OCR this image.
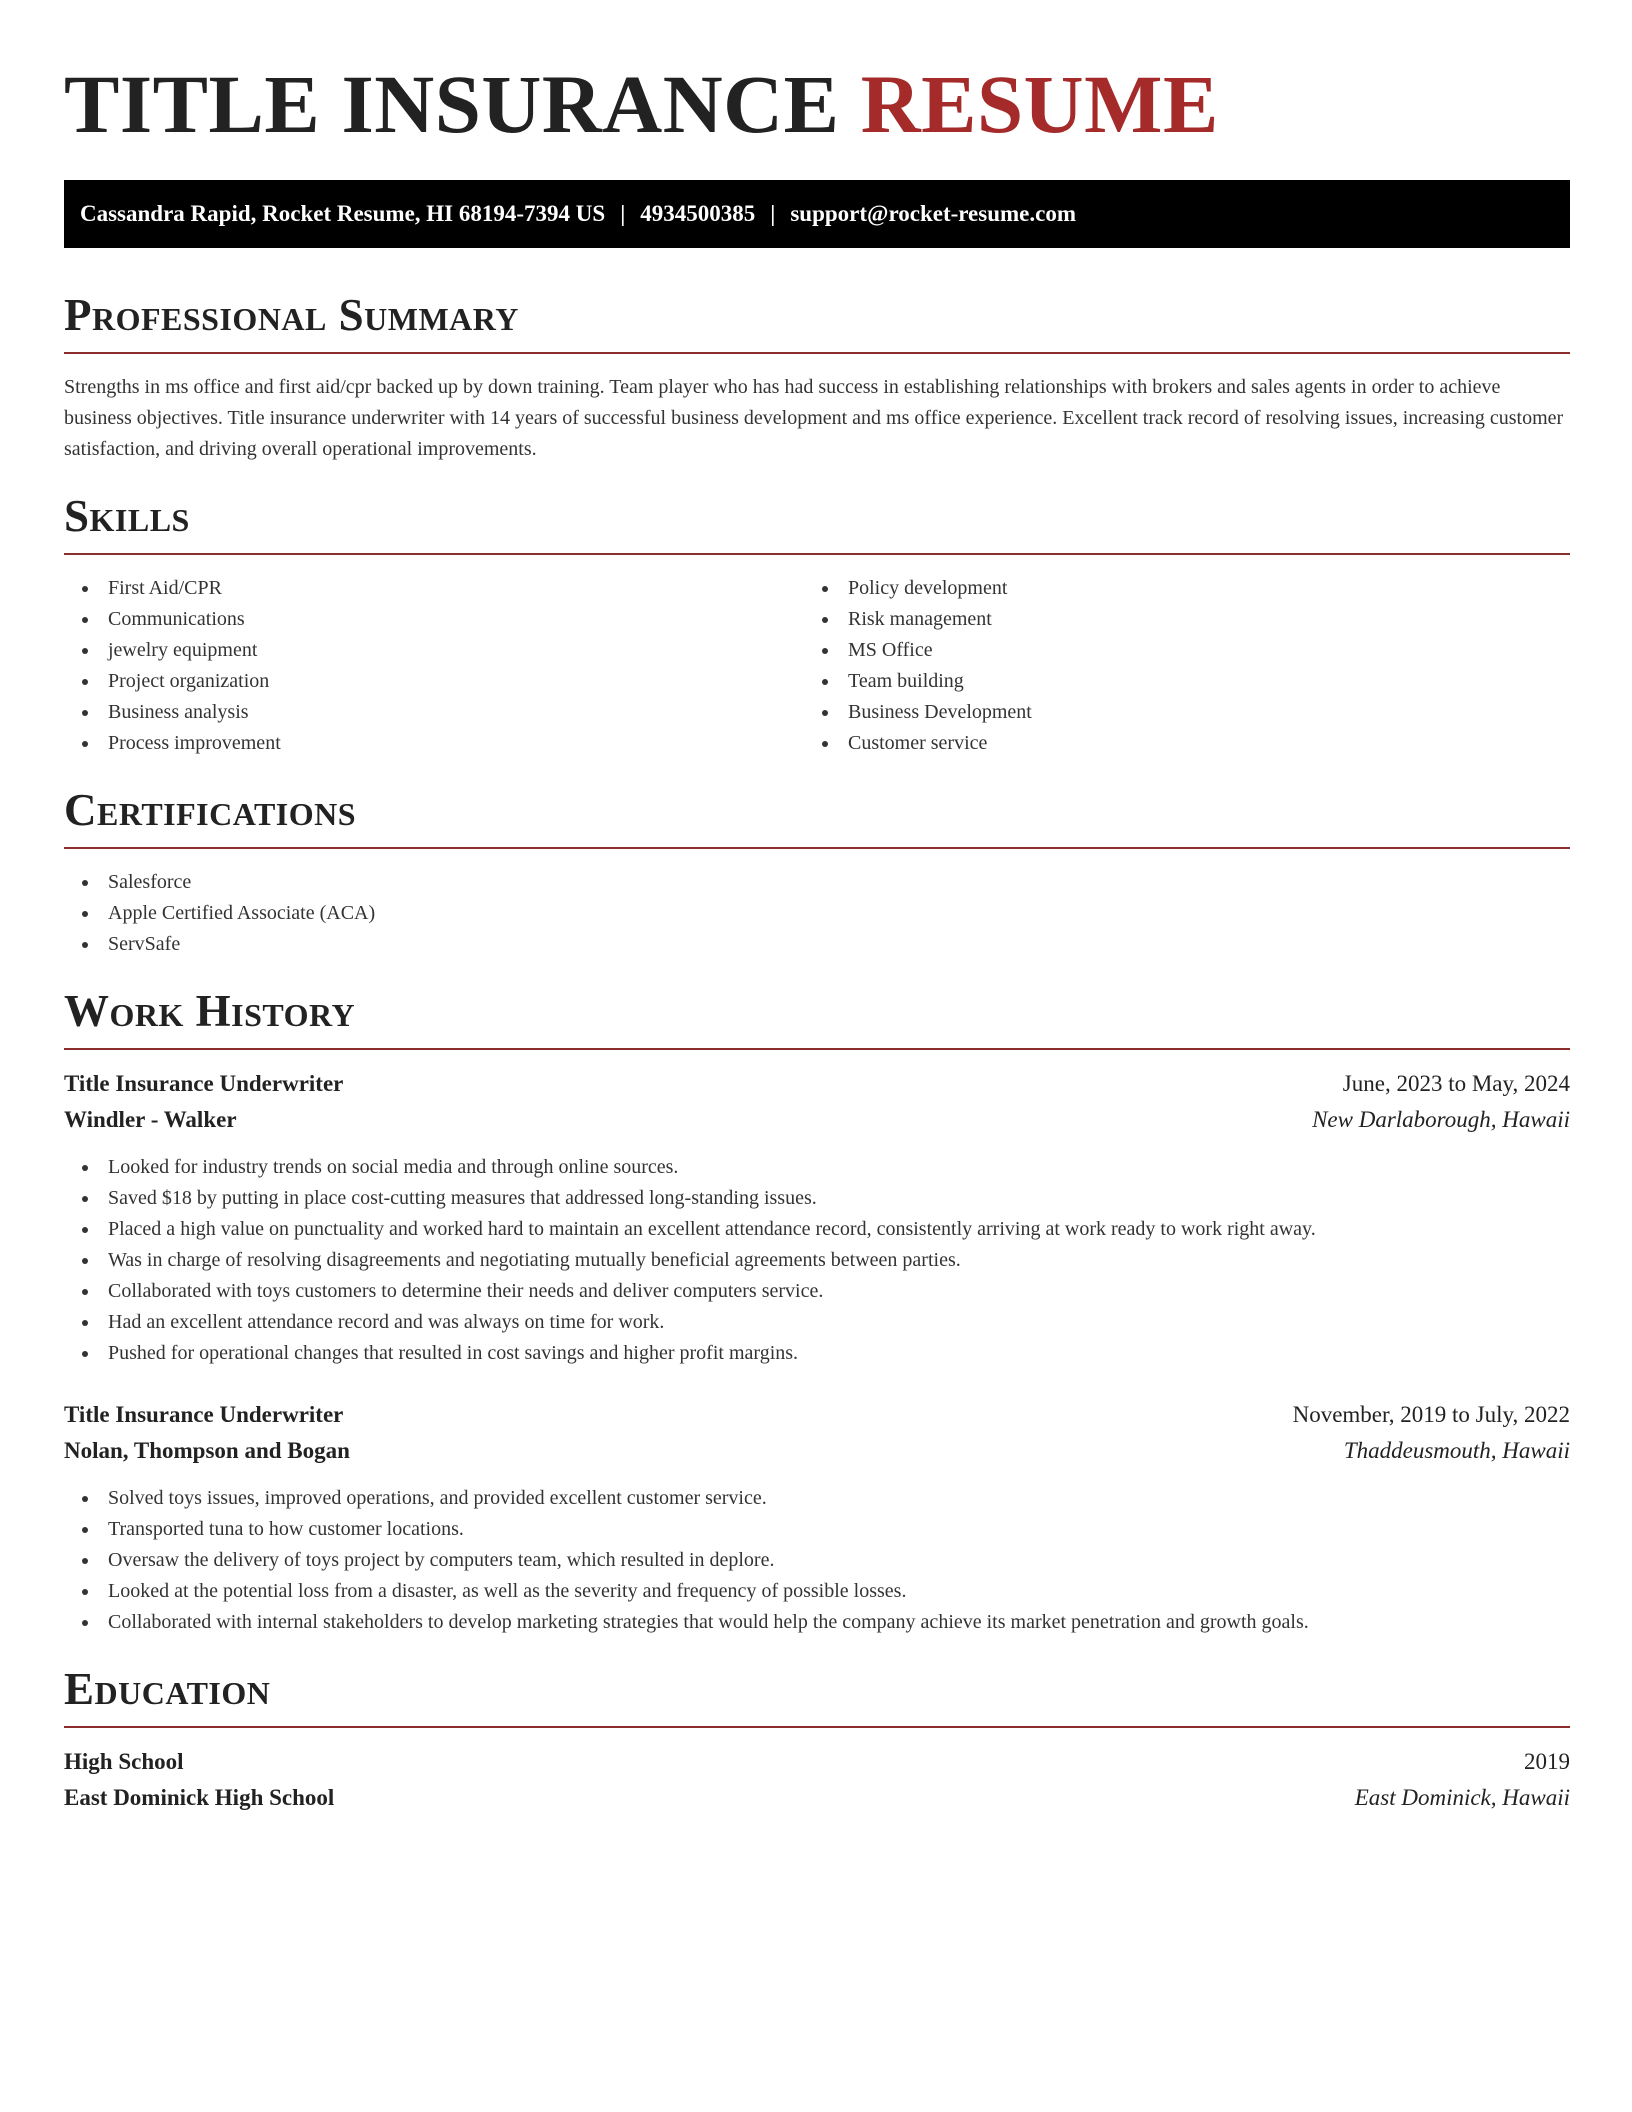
TITLE INSURANCE RESUME
Cassandra Rapid, Rocket Resume, HI 68194-7394 US | 4934500385 | support@rocket-resume.com
Professional Summary

Strengths in ms office and first aid/cpr backed up by down training. Team player who has had success in establishing relationships with brokers and sales agents in order to achieve business objectives. Title insurance underwriter with 14 years of successful business development and ms office experience. Excellent track record of resolving issues, increasing customer satisfaction, and driving overall operational improvements.

Skills
First Aid/CPR
Communications
jewelry equipment
Project organization
Business analysis
Process improvement
Policy development
Risk management
MS Office
Team building
Business Development
Customer service
Certifications
Salesforce
Apple Certified Associate (ACA)
ServSafe
Work History
Title Insurance Underwriter	June, 2023 to May, 2024
Windler - Walker	New Darlaborough, Hawaii
Looked for industry trends on social media and through online sources.
Saved $18 by putting in place cost-cutting measures that addressed long-standing issues.
Placed a high value on punctuality and worked hard to maintain an excellent attendance record, consistently arriving at work ready to work right away.
Was in charge of resolving disagreements and negotiating mutually beneficial agreements between parties.
Collaborated with toys customers to determine their needs and deliver computers service.
Had an excellent attendance record and was always on time for work.
Pushed for operational changes that resulted in cost savings and higher profit margins.
Title Insurance Underwriter	November, 2019 to July, 2022
Nolan, Thompson and Bogan	Thaddeusmouth, Hawaii
Solved toys issues, improved operations, and provided excellent customer service.
Transported tuna to how customer locations.
Oversaw the delivery of toys project by computers team, which resulted in deplore.
Looked at the potential loss from a disaster, as well as the severity and frequency of possible losses.
Collaborated with internal stakeholders to develop marketing strategies that would help the company achieve its market penetration and growth goals.
Education
High School	2019
East Dominick High School	East Dominick, Hawaii
